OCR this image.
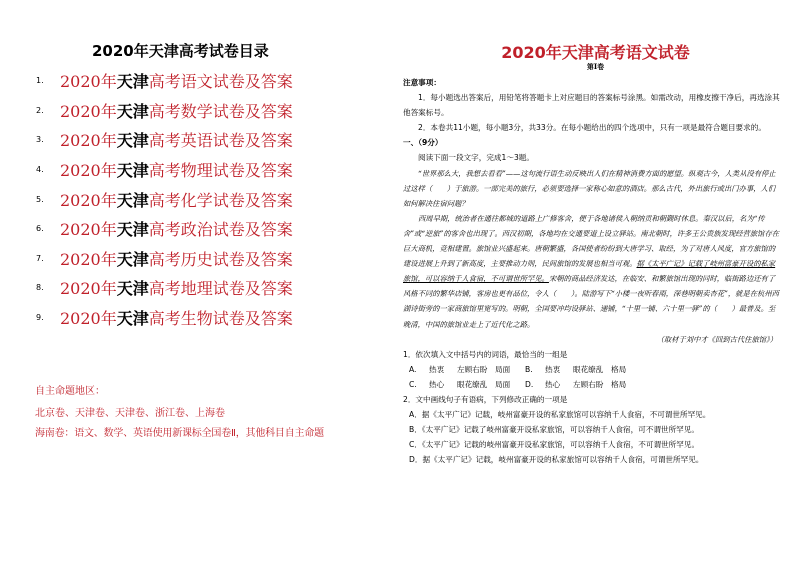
2020年天津高考试卷目录
1.	2020年天津高考语文试卷及答案
2.	2020年天津高考数学试卷及答案
3.	2020年天津高考英语试卷及答案
4.	2020年天津高考物理试卷及答案
5.	2020年天津高考化学试卷及答案
6.	2020年天津高考政治试卷及答案
7.	2020年天津高考历史试卷及答案
8.	2020年天津高考地理试卷及答案
9.	2020年天津高考生物试卷及答案
自主命题地区：
北京卷、天津卷、天津卷、浙江卷、上海卷
海南卷：语文、数学、英语使用新课标全国卷Ⅱ，其他科目自主命题
2020年天津高考语文试卷
第Ⅰ卷

注意事项：

1．每小题选出答案后，用铅笔将答题卡上对应题目的答案标号涂黑。如需改动，用橡皮擦干净后，再选涂其他答案标号。

2．本卷共11小题，每小题3分，共33分。在每小题给出的四个选项中，只有一项是最符合题目要求的。

一、（9分）

阅读下面一段文字，完成1～3题。

“世界那么大，我想去看看”——这句流行语生动反映出人们在精神消费方面的愿望。纵观古今，人类从没有停止过这样（　　）于旅游。一部完美的旅行，必须要选择一家称心如意的酒店。那么古代，外出旅行或出门办事，人们如何解决住宿问题？

西周早期，统治者在通往都城的道路上广修客舍，便于各地诸侯入朝纳贡和朝觐时休息。秦汉以后，名为“传舍”或“逆旅”的客舍也出现了。西汉初期，各地均在交通要道上设立驿站。南北朝时，许多王公贵族发现经营旅馆存在巨大商机，竞相建置。旅馆业兴盛起来。唐朝繁盛，各国使者纷纷到大唐学习、取经，为了对唐人风度，官方旅馆的建设进展上升到了新高度，主要推动力则，民间旅馆的发展也相当可观。据《太平广记》记载了岐州富豪开设的私家旅馆，可以容纳千人食宿，不可谓世所罕见。宋朝的商品经济发达，在临安、和繁旅馆出现的同时，临街路边还有了风格不同的繁华店铺，客房也更有品位，令人（　　）。陆游写下“小楼一夜听春雨，深巷明朝卖杏花”，就是在杭州西湖诗街旁的一家商旅馆里宽写的。明朝，全国要冲均设驿站、递铺，“十里一铺、六十里一驿”的（　　）最普及。至晚清，中国的旅馆业走上了近代化之路。

（取材于刘中才《回到古代住旅馆》）

1．依次填入文中括号内的词语，最恰当的一组是

A.	热衷	左顾右盼	局面	B.	热衷	眼花缭乱	格局
C.	热心	眼花缭乱	局面	D.	热心	左顾右盼	格局

2．文中画线句子有语病，下列修改正确的一项是

A．据《太平广记》记载，岐州富豪开设的私家旅馆可以容纳千人食宿，不可谓世所罕见。

B．《太平广记》记载了岐州富豪开设私家旅馆，可以容纳千人食宿，可不谓世所罕见。

C．《太平广记》记载的岐州富豪开设私家旅馆，可以容纳千人食宿，不可谓世所罕见。

D．据《太平广记》记载，岐州富豪开设的私家旅馆可以容纳千人食宿，可谓世所罕见。
